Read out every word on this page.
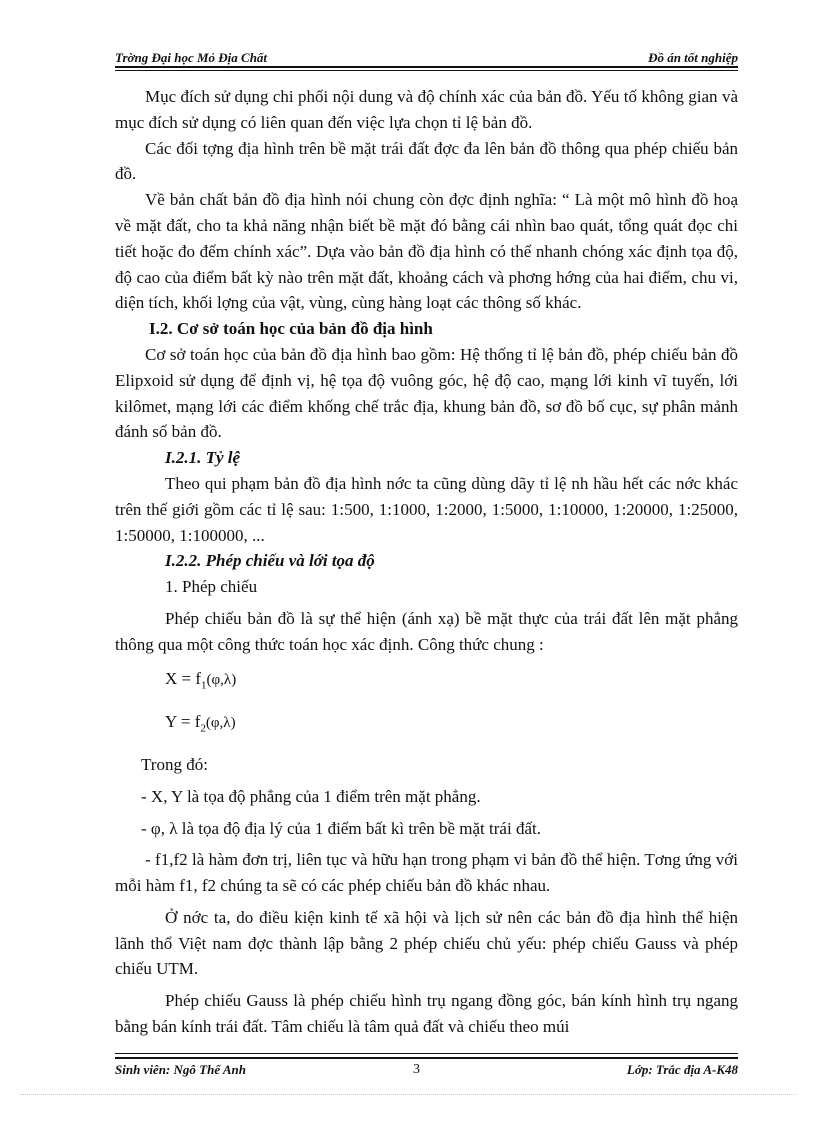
Trờng Đại học Mỏ Địa Chất	Đồ án tốt nghiệp

Mục đích sử dụng chi phối nội dung và độ chính xác của bản đồ. Yếu tố không gian và mục đích sử dụng có liên quan đến việc lựa chọn tỉ lệ bản đồ.

Các đối tợng địa hình trên bề mặt trái đất đợc đa lên bản đồ thông qua phép chiếu bản đồ.

Về bản chất bản đồ địa hình nói chung còn đợc định nghĩa: “ Là một mô hình đồ hoạ về mặt đất, cho ta khả năng nhận biết bề mặt đó bằng cái nhìn bao quát, tổng quát đọc chi tiết hoặc đo đếm chính xác”. Dựa vào bản đồ địa hình có thể nhanh chóng xác định tọa độ, độ cao của điểm bất kỳ nào trên mặt đất, khoảng cách và phơng hớng của hai điểm, chu vi, diện tích, khối lợng của vật, vùng, cùng hàng loạt các thông số khác.

I.2. Cơ sở toán học của bản đồ địa hình

Cơ sở toán học của bản đồ địa hình bao gồm: Hệ thống tỉ lệ bản đồ, phép chiếu bản đồ Elipxoid sử dụng để định vị, hệ tọa độ vuông góc, hệ độ cao, mạng lới kinh vĩ tuyến, lới kilômet, mạng lới các điểm khống chế trắc địa, khung bản đồ, sơ đồ bố cục, sự phân mảnh đánh số bản đồ.

I.2.1. Tỷ lệ

Theo qui phạm bản đồ địa hình nớc ta cũng dùng dãy tỉ lệ nh hầu hết các nớc khác trên thế giới gồm các tỉ lệ sau: 1:500, 1:1000, 1:2000, 1:5000, 1:10000, 1:20000, 1:25000, 1:50000, 1:100000, ...

I.2.2. Phép chiếu và lới tọa độ

1. Phép chiếu

Phép chiếu bản đồ là sự thể hiện (ánh xạ) bề mặt thực của trái đất lên mặt phẳng thông qua một công thức toán học xác định. Công thức chung :

$X = f_1(\varphi,\lambda)$
$Y = f_2(\varphi,\lambda)$

Trong đó:

- X, Y là tọa độ phẳng của 1 điểm trên mặt phẳng.

- φ, λ là tọa độ địa lý của 1 điểm bất kì trên bề mặt trái đất.

- f1,f2 là hàm đơn trị, liên tục và hữu hạn trong phạm vi bản đồ thể hiện. Tơng ứng với mỗi hàm f1, f2 chúng ta sẽ có các phép chiếu bản đồ khác nhau.

Ở nớc ta, do điều kiện kinh tế xã hội và lịch sử nên các bản đồ địa hình thể hiện lãnh thổ Việt nam đợc thành lập bằng 2 phép chiếu chủ yếu: phép chiếu Gauss và phép chiếu UTM.

Phép chiếu Gauss là phép chiếu hình trụ ngang đồng góc, bán kính hình trụ ngang bằng bán kính trái đất. Tâm chiếu là tâm quả đất và chiếu theo múi

Sinh viên: Ngô Thế Anh	3	Lớp: Trắc địa A-K48
